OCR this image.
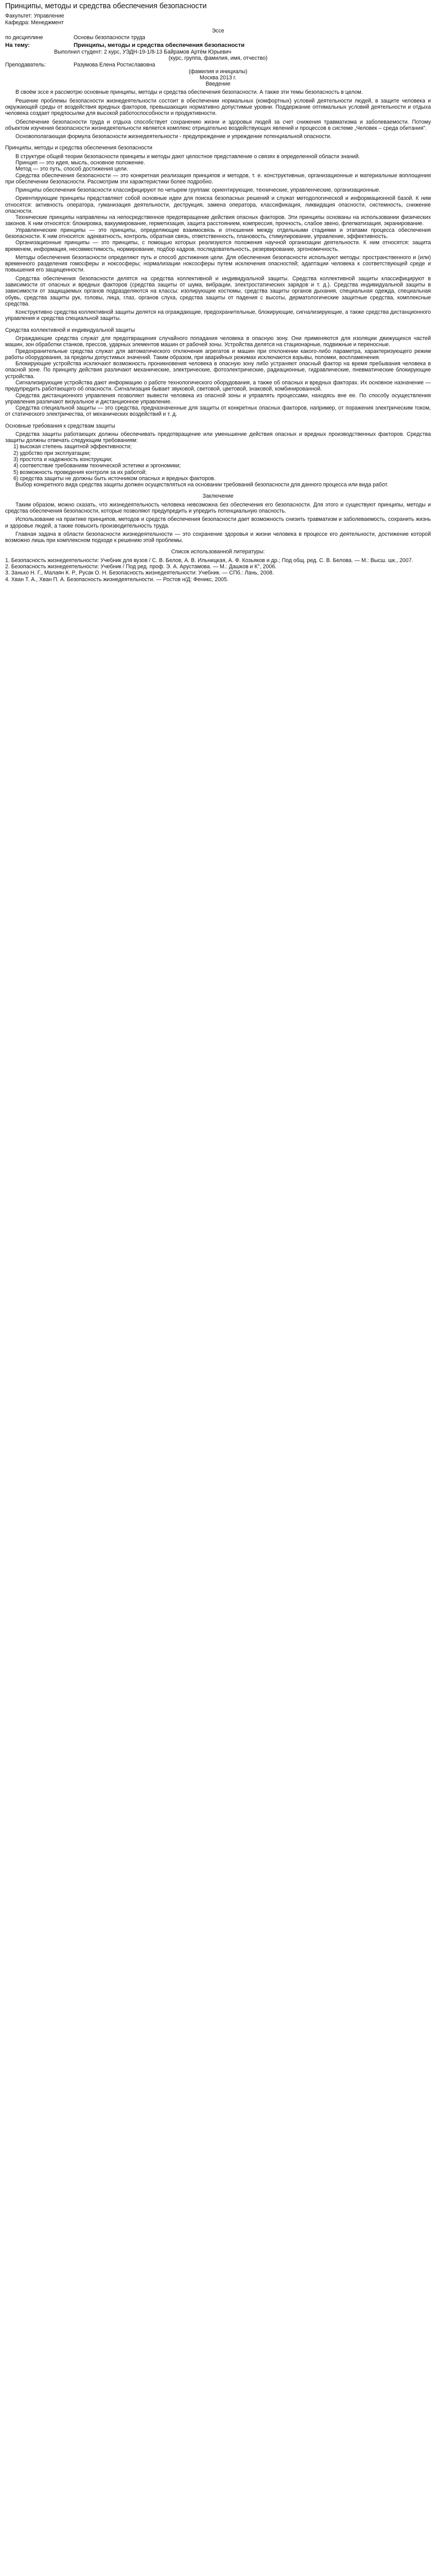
Принципы, методы и средства обеспечения безопасности

Факультет: Управление

Кафедра: Менеджмент

Эссе

по дисциплине	Основы безопасности труда
На тему:	Принципы, методы и средства обеспечения безопасности

Выполнил студент: 2 курс, УЭДН-19-1/8-13 Байрамов Артём Юрьевич

(курс, группа, фамилия, имя, отчество)

Преподаватель:	Разумова Елена Ростиславовна

(фамилия и инициалы)

Москва 2013 г.

Введение

В своём эссе я рассмотрю основные принципы, методы и средства обеспечения безопасности. А также эти темы безопасность в целом.

Решение проблемы безопасности жизнедеятельности состоит в обеспечении нормальных (комфортных) условий деятельности людей, в защите человека и окружающей среды от воздействия вредных факторов, превышающих нормативно допустимые уровни. Поддержание оптимальных условий деятельности и отдыха человека создает предпосылки для высокой работоспособности и продуктивности.

Обеспечение безопасности труда и отдыха способствует сохранению жизни и здоровья людей за счет снижения травматизма и заболеваемости. Потому объектом изучения безопасности жизнедеятельности является комплекс отрицательно воздействующих явлений и процессов в системе „Человек – среда обитания".

Основополагающая формула безопасности жизнедеятельности - предупреждение и упреждение потенциальной опасности.

Принципы, методы и средства обеспечения безопасности

В структуре общей теории безопасности принципы и методы дают целостное представление о связях в определенной области знаний.

Принцип — это идея, мысль, основное положение.

Метод — это путь, способ достижения цели.

Средства обеспечения безопасности — это конкретная реализация принципов и методов, т. е. конструктивные, организационные и материальные воплощения при обеспечении безопасности. Рассмотрим эти характеристики более подробно.

Принципы обеспечения безопасности классифицируют по четырем группам: ориентирующие, технические, управленческие, организационные.

Ориентирующие принципы представляют собой основные идеи для поиска безопасных решений и служат методологической и информационной базой. К ним относятся: активность оператора, гуманизация деятельности, деструкция, замена оператора, классификация, ликвидация опасности, системность, снижение опасности.

Технические принципы направлены на непосредственное предотвращение действия опасных факторов. Эти принципы основаны на использовании физических законов. К ним относятся: блокировка, вакуумирование, герметизация, защита расстоянием, компрессия, прочность, слабое звено, флегматизация, экранирование.

Управленческие принципы — это принципы, определяющие взаимосвязь и отношения между отдельными стадиями и этапами процесса обеспечения безопасности. К ним относятся: адекватность, контроль, обратная связь, ответственность, плановость, стимулирование, управление, эффективность.

Организационные принципы — это принципы, с помощью которых реализуются положения научной организации деятельности. К ним относятся: защита временем, информация, несовместимость, нормирование, подбор кадров, последовательность, резервирование, эргономичность.

Методы обеспечения безопасности определяют путь и способ достижения цели. Для обеспечения безопасности используют методы: пространственного и (или) временного разделения гомосферы и ноксосферы; нормализации ноксосферы путем исключения опасностей; адаптации человека к соответствующей среде и повышения его защищенности.

Средства обеспечения безопасности делятся на средства коллективной и индивидуальной защиты. Средства коллективной защиты классифицируют в зависимости от опасных и вредных факторов (средства защиты от шума, вибрации, электростатических зарядов и т. д.). Средства индивидуальной защиты в зависимости от защищаемых органов подразделяются на классы: изолирующие костюмы, средства защиты органов дыхания, специальная одежда, специальная обувь, средства защиты рук, головы, лица, глаз, органов слуха, средства защиты от падения с высоты, дерматологические защитные средства, комплексные средства.

Конструктивно средства коллективной защиты делятся на ограждающие, предохранительные, блокирующие, сигнализирующие, а также средства дистанционного управления и средства специальной защиты.

Средства коллективной и индивидуальной защиты

Ограждающие средства служат для предотвращения случайного попадания человека в опасную зону. Они применяются для изоляции движущихся частей машин, зон обработки станков, прессов, ударных элементов машин от рабочей зоны. Устройства делятся на стационарные, подвижные и переносные.

Предохранительные средства служат для автоматического отключения агрегатов и машин при отклонении какого-либо параметра, характеризующего режим работы оборудования, за пределы допустимых значений. Таким образом, при аварийных режимах исключаются взрывы, поломки, воспламенения.

Блокирующие устройства исключают возможность проникновения человека в опасную зону либо устраняют опасный фактор на время пребывания человека в опасной зоне. По принципу действия различают механические, электрические, фотоэлектрические, радиационные, гидравлические, пневматические блокирующие устройства.

Сигнализирующие устройства дают информацию о работе технологического оборудования, а также об опасных и вредных факторах. Их основное назначение — предупредить работающего об опасности. Сигнализация бывает звуковой, световой, цветовой, знаковой, комбинированной.

Средства дистанционного управления позволяют вывести человека из опасной зоны и управлять процессами, находясь вне ее. По способу осуществления управления различают визуальное и дистанционное управление.

Средства специальной защиты — это средства, предназначенные для защиты от конкретных опасных факторов, например, от поражения электрическим током, от статического электричества, от механических воздействий и т. д.

Основные требования к средствам защиты

Средства защиты работающих должны обеспечивать предотвращение или уменьшение действия опасных и вредных производственных факторов. Средства защиты должны отвечать следующим требованиям:

1) высокая степень защитной эффективности;

2) удобство при эксплуатации;

3) простота и надежность конструкции;

4) соответствие требованиям технической эстетики и эргономики;

5) возможность проведения контроля за их работой;

6) средства защиты не должны быть источником опасных и вредных факторов.

Выбор конкретного вида средства защиты должен осуществляться на основании требований безопасности для данного процесса или вида работ.

Заключение

Таким образом, можно сказать, что жизнедеятельность человека невозможна без обеспечения его безопасности. Для этого и существуют принципы, методы и средства обеспечения безопасности, которые позволяют предупредить и упредить потенциальную опасность.

Использование на практике принципов, методов и средств обеспечения безопасности дает возможность снизить травматизм и заболеваемость, сохранить жизнь и здоровье людей, а также повысить производительность труда.

Главная задача в области безопасности жизнедеятельности — это сохранение здоровья и жизни человека в процессе его деятельности, достижение которой возможно лишь при комплексном подходе к решению этой проблемы.

Список использованной литературы:

1. Безопасность жизнедеятельности: Учебник для вузов / С. В. Белов, А. В. Ильницкая, А. Ф. Козьяков и др.; Под общ. ред. С. В. Белова. — М.: Высш. шк., 2007.

2. Безопасность жизнедеятельности: Учебник / Под ред. проф. Э. А. Арустамова. — М.: Дашков и К°, 2006.

3. Занько Н. Г., Малаян К. Р., Русак О. Н. Безопасность жизнедеятельности: Учебник. — СПб.: Лань, 2008.

4. Хван Т. А., Хван П. А. Безопасность жизнедеятельности. — Ростов н/Д: Феникс, 2005.
